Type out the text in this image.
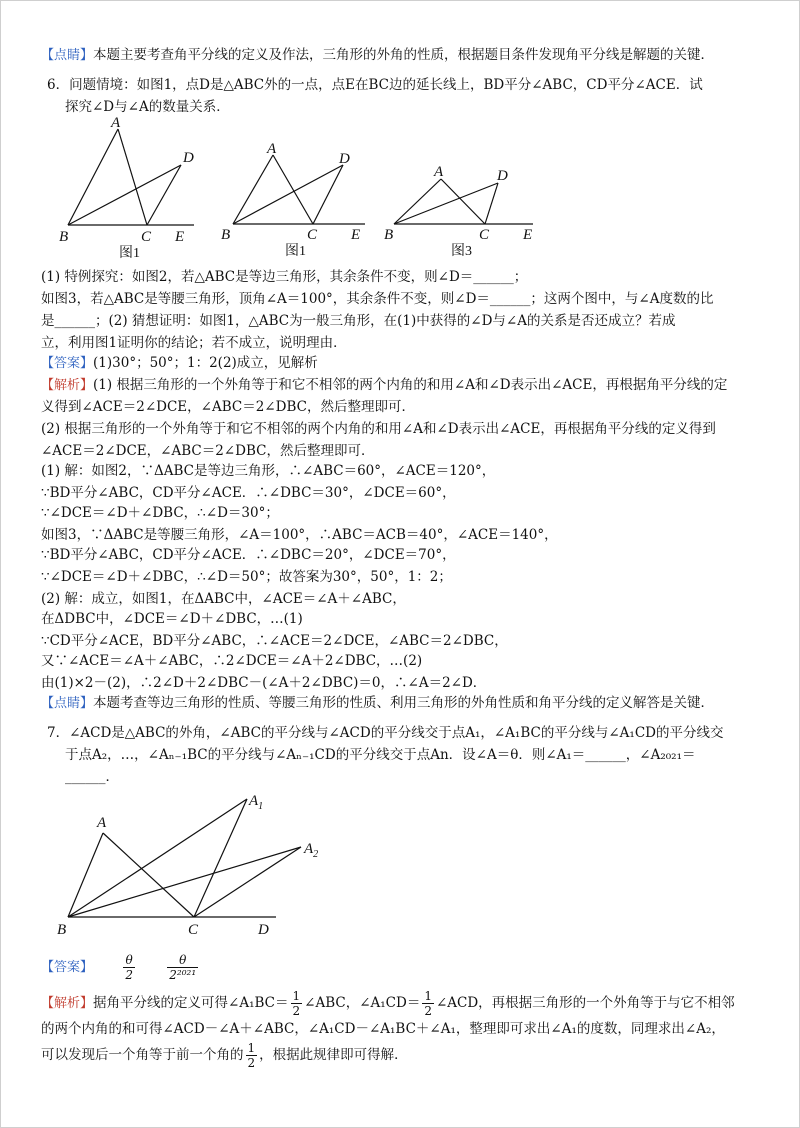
【点睛】本题主要考查角平分线的定义及作法，三角形的外角的性质，根据题目条件发现角平分线是解题的关键．
6．问题情境：如图1，点D是△ABC外的一点，点E在BC边的延长线上，BD平分∠ABC，CD平分∠ACE．试
探究∠D与∠A的数量关系．
A
D
B	C E
图1
A
D
B	C E
图1
A	D
B	C E
图3
(1) 特例探究：如图2，若△ABC是等边三角形，其余条件不变，则∠D＝______；
如图3，若△ABC是等腰三角形，顶角∠A＝100°，其余条件不变，则∠D＝______；这两个图中，与∠A度数的比
是______；(2) 猜想证明：如图1，△ABC为一般三角形，在(1)中获得的∠D与∠A的关系是否还成立？若成
立，利用图1证明你的结论；若不成立，说明理由．
【答案】(1)30°；50°；1：2(2)成立，见解析
【解析】(1) 根据三角形的一个外角等于和它不相邻的两个内角的和用∠A和∠D表示出∠ACE，再根据角平分线的定
义得到∠ACE＝2∠DCE，∠ABC＝2∠DBC，然后整理即可．
(2) 根据三角形的一个外角等于和它不相邻的两个内角的和用∠A和∠D表示出∠ACE，再根据角平分线的定义得到
∠ACE＝2∠DCE，∠ABC＝2∠DBC，然后整理即可．
(1) 解：如图2，∵ΔABC是等边三角形，∴∠ABC＝60°，∠ACE＝120°，
∵BD平分∠ABC，CD平分∠ACE．∴∠DBC＝30°，∠DCE＝60°，
∵∠DCE＝∠D＋∠DBC，∴∠D＝30°；
如图3，∵ΔABC是等腰三角形，∠A＝100°，∴ABC＝ACB＝40°，∠ACE＝140°，
∵BD平分∠ABC，CD平分∠ACE．∴∠DBC＝20°，∠DCE＝70°，
∵∠DCE＝∠D＋∠DBC，∴∠D＝50°；故答案为30°，50°，1：2；
(2) 解：成立，如图1，在ΔABC中，∠ACE＝∠A＋∠ABC，
在ΔDBC中，∠DCE＝∠D＋∠DBC，…(1)
∵CD平分∠ACE，BD平分∠ABC，∴∠ACE＝2∠DCE，∠ABC＝2∠DBC，
又∵∠ACE＝∠A＋∠ABC，∴2∠DCE＝∠A＋2∠DBC，…(2)
由(1)×2－(2)，∴2∠D＋2∠DBC－(∠A＋2∠DBC)＝0，∴∠A＝2∠D．
【点睛】本题考查等边三角形的性质、等腰三角形的性质、利用三角形的外角性质和角平分线的定义解答是关键．
7．∠ACD是△ABC的外角，∠ABC的平分线与∠ACD的平分线交于点A₁，∠A₁BC的平分线与∠A₁CD的平分线交
于点A₂，…，∠Aₙ₋₁BC的平分线与∠Aₙ₋₁CD的平分线交于点An．设∠A＝θ．则∠A₁＝______，∠A₂₀₂₁＝
______．
A
$A_1$
$A_2$
B	C	D
【答案】	$\frac{\theta}{2}$
	$\frac{\theta}{\text{2²⁰²¹}}$
【解析】据角平分线的定义可得∠A₁BC＝ $\frac{1}{2}$ ∠ABC，∠A₁CD＝ $\frac{1}{2}$ ∠ACD，再根据三角形的一个外角等于与它不相邻
的两个内角的和可得∠ACD－∠A＋∠ABC，∠A₁CD－∠A₁BC＋∠A₁，整理即可求出∠A₁的度数，同理求出∠A₂，
可以发现后一个角等于前一个角的 $\frac{1}{2}$ ，根据此规律即可得解．
